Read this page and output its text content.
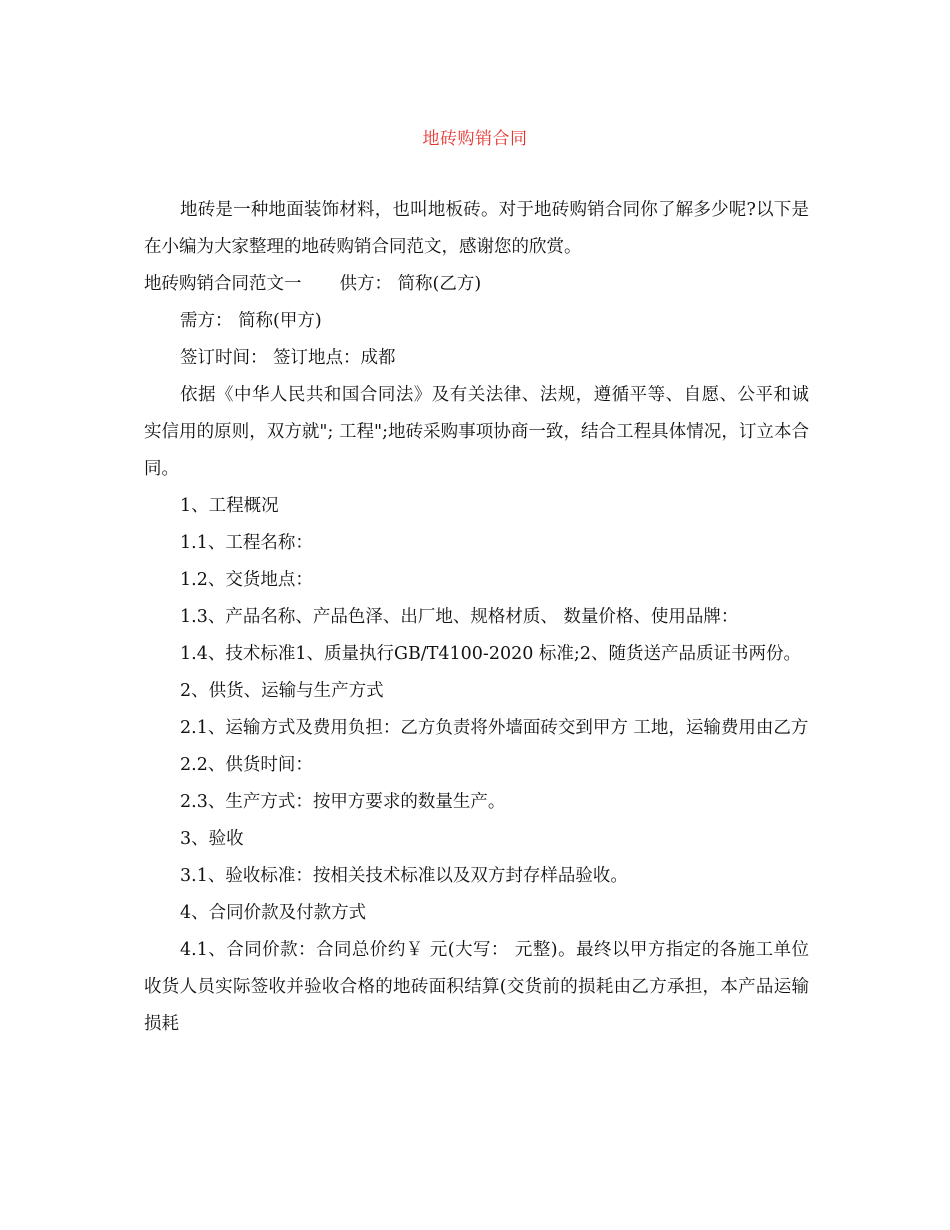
地砖购销合同

地砖是一种地面装饰材料，也叫地板砖。对于地砖购销合同你了解多少呢?以下是在小编为大家整理的地砖购销合同范文，感谢您的欣赏。

地砖购销合同范文一 供方： 简称(乙方)

需方： 简称(甲方)

签订时间： 签订地点：成都

依据《中华人民共和国合同法》及有关法律、法规，遵循平等、自愿、公平和诚实信用的原则，双方就"; 工程";地砖采购事项协商一致，结合工程具体情况，订立本合同。

1、工程概况

1.1、工程名称：

1.2、交货地点：

1.3、产品名称、产品色泽、出厂地、规格材质、 数量价格、使用品牌：

1.4、技术标准1、质量执行GB/T4100-2020 标准;2、随货送产品质证书两份。

2、供货、运输与生产方式

2.1、运输方式及费用负担：乙方负责将外墙面砖交到甲方 工地，运输费用由乙方

2.2、供货时间：

2.3、生产方式：按甲方要求的数量生产。

3、验收

3.1、验收标准：按相关技术标准以及双方封存样品验收。

4、合同价款及付款方式

4.1、合同价款：合同总价约￥ 元(大写： 元整)。最终以甲方指定的各施工单位收货人员实际签收并验收合格的地砖面积结算(交货前的损耗由乙方承担，本产品运输损耗
